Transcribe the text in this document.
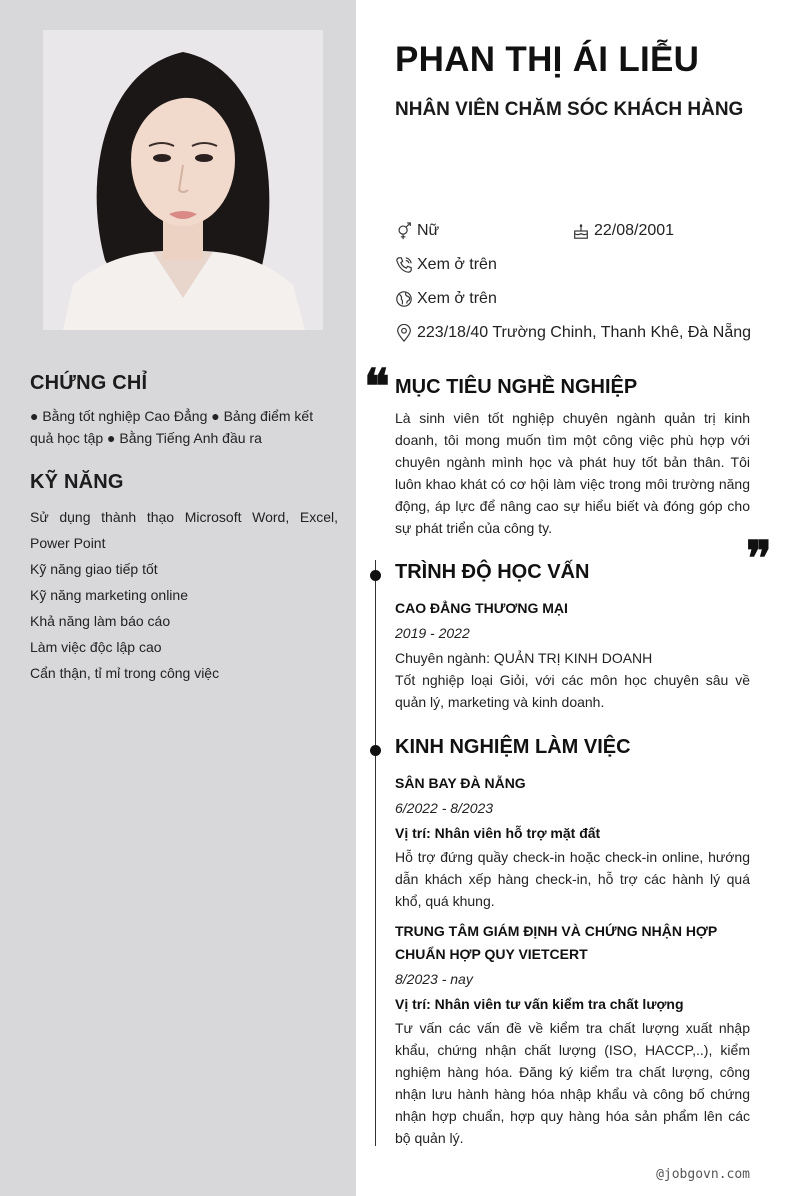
CHỨNG CHỈ
● Bằng tốt nghiệp Cao Đẳng ● Bảng điểm kết quả học tập ● Bằng Tiếng Anh đầu ra
KỸ NĂNG
Sử dụng thành thạo Microsoft Word, Excel, Power Point
Kỹ năng giao tiếp tốt
Kỹ năng marketing online
Khả năng làm báo cáo
Làm việc độc lập cao
Cẩn thận, tỉ mỉ trong công việc
PHAN THỊ ÁI LIỄU
NHÂN VIÊN CHĂM SÓC KHÁCH HÀNG
Nữ	22/08/2001
Xem ở trên
Xem ở trên
223/18/40 Trường Chinh, Thanh Khê, Đà Nẵng
❝ MỤC TIÊU NGHỀ NGHIỆP
Là sinh viên tốt nghiệp chuyên ngành quản trị kinh doanh, tôi mong muốn tìm một công việc phù hợp với chuyên ngành mình học và phát huy tốt bản thân. Tôi luôn khao khát có cơ hội làm việc trong môi trường năng động, áp lực để nâng cao sự hiểu biết và đóng góp cho sự phát triển của công ty.
❞
TRÌNH ĐỘ HỌC VẤN
CAO ĐẲNG THƯƠNG MẠI
2019 - 2022
Chuyên ngành: QUẢN TRỊ KINH DOANH
Tốt nghiệp loại Giỏi, với các môn học chuyên sâu về quản lý, marketing và kinh doanh.
KINH NGHIỆM LÀM VIỆC
SÂN BAY ĐÀ NẴNG
6/2022 - 8/2023
Vị trí: Nhân viên hỗ trợ mặt đất
Hỗ trợ đứng quầy check-in hoặc check-in online, hướng dẫn khách xếp hàng check-in, hỗ trợ các hành lý quá khổ, quá khung.
TRUNG TÂM GIÁM ĐỊNH VÀ CHỨNG NHẬN HỢP CHUẨN HỢP QUY VIETCERT
8/2023 - nay
Vị trí: Nhân viên tư vấn kiểm tra chất lượng
Tư vấn các vấn đề về kiểm tra chất lượng xuất nhập khẩu, chứng nhận chất lượng (ISO, HACCP,..), kiểm nghiệm hàng hóa. Đăng ký kiểm tra chất lượng, công nhận lưu hành hàng hóa nhập khẩu và công bố chứng nhận hợp chuẩn, hợp quy hàng hóa sản phẩm lên các bộ quản lý.
@jobgovn.com
